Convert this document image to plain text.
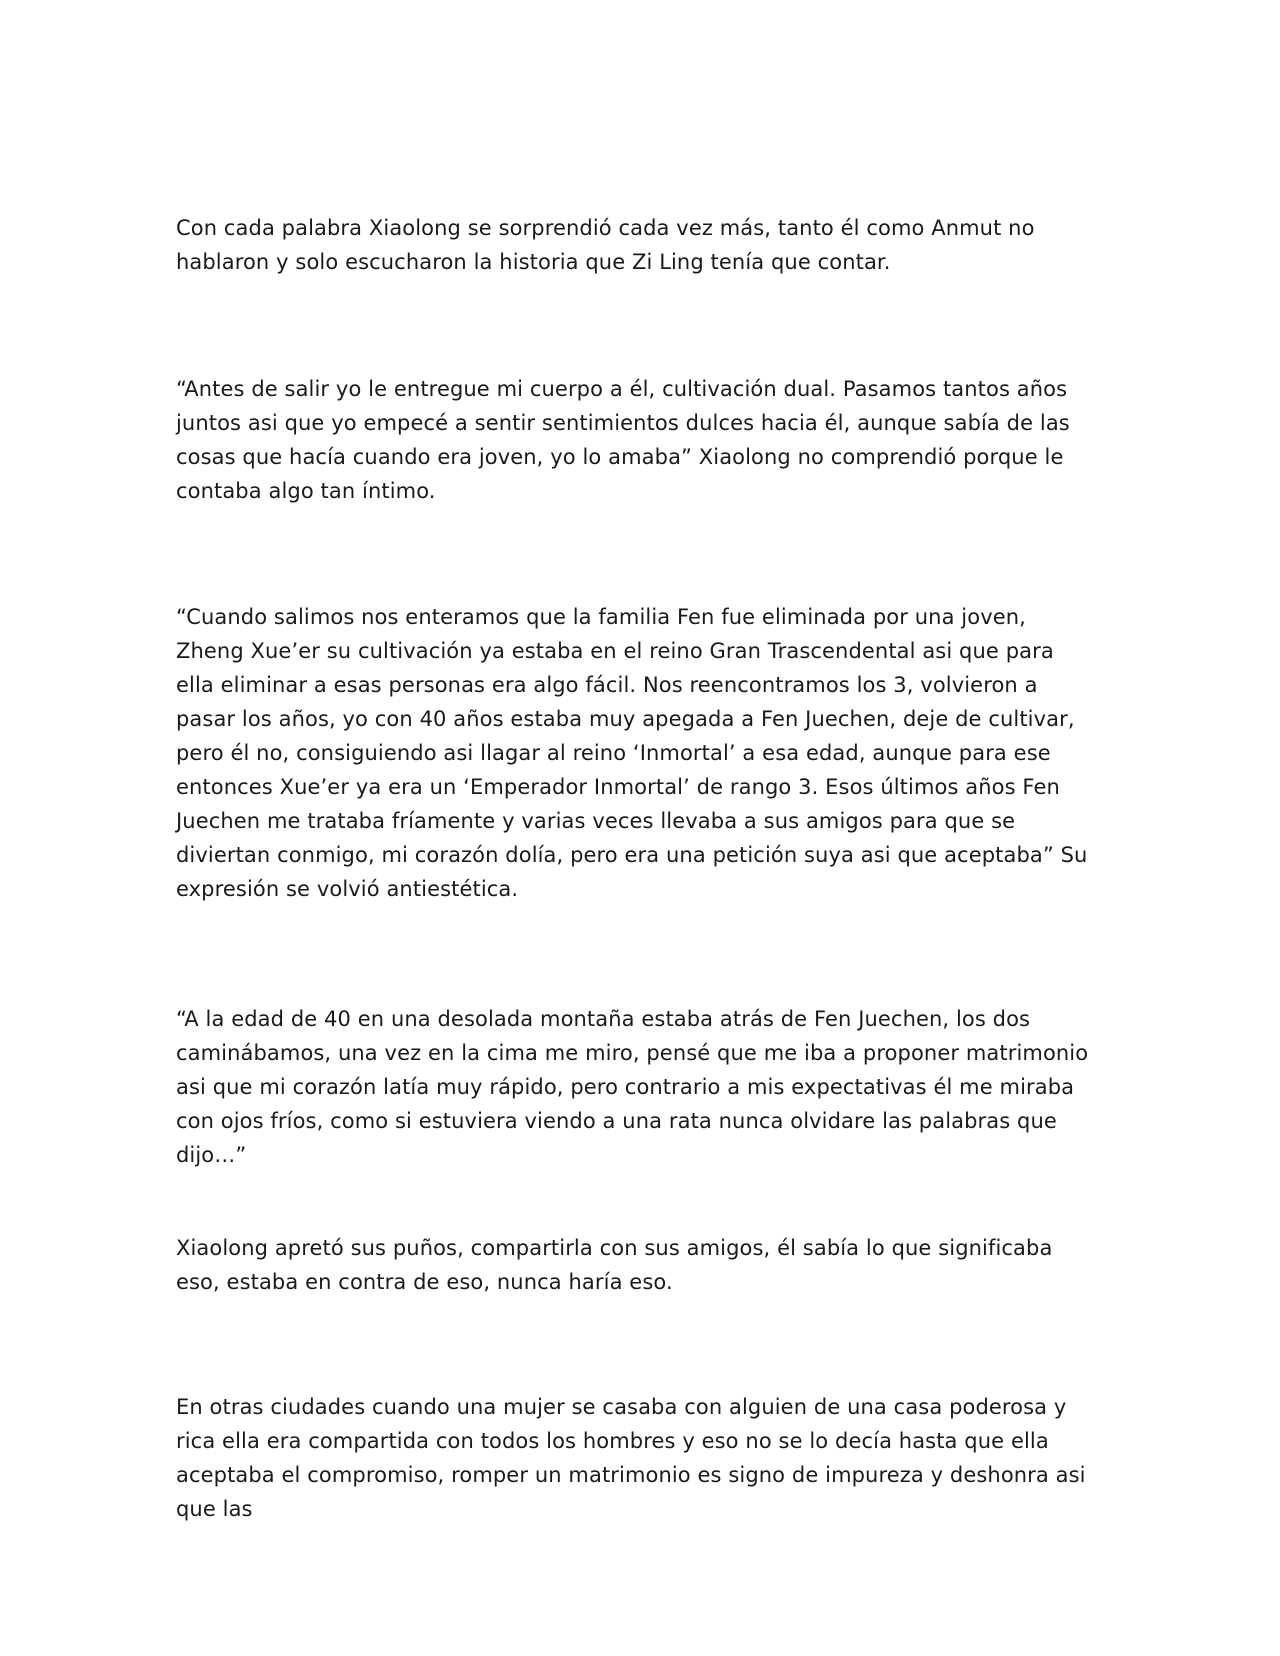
Con cada palabra Xiaolong se sorprendió cada vez más, tanto él como Anmut no hablaron y solo escucharon la historia que Zi Ling tenía que contar.

“Antes de salir yo le entregue mi cuerpo a él, cultivación dual. Pasamos tantos años juntos asi que yo empecé a sentir sentimientos dulces hacia él, aunque sabía de las cosas que hacía cuando era joven, yo lo amaba” Xiaolong no comprendió porque le contaba algo tan íntimo.

“Cuando salimos nos enteramos que la familia Fen fue eliminada por una joven, Zheng Xue’er su cultivación ya estaba en el reino Gran Trascendental asi que para ella eliminar a esas personas era algo fácil. Nos reencontramos los 3, volvieron a pasar los años, yo con 40 años estaba muy apegada a Fen Juechen, deje de cultivar, pero él no, consiguiendo asi llagar al reino ‘Inmortal’ a esa edad, aunque para ese entonces Xue’er ya era un ‘Emperador Inmortal’ de rango 3. Esos últimos años Fen Juechen me trataba fríamente y varias veces llevaba a sus amigos para que se diviertan conmigo, mi corazón dolía, pero era una petición suya asi que aceptaba” Su expresión se volvió antiestética.

“A la edad de 40 en una desolada montaña estaba atrás de Fen Juechen, los dos caminábamos, una vez en la cima me miro, pensé que me iba a proponer matrimonio asi que mi corazón latía muy rápido, pero contrario a mis expectativas él me miraba con ojos fríos, como si estuviera viendo a una rata nunca olvidare las palabras que dijo…”

Xiaolong apretó sus puños, compartirla con sus amigos, él sabía lo que significaba eso, estaba en contra de eso, nunca haría eso.

En otras ciudades cuando una mujer se casaba con alguien de una casa poderosa y rica ella era compartida con todos los hombres y eso no se lo decía hasta que ella aceptaba el compromiso, romper un matrimonio es signo de impureza y deshonra asi que las
